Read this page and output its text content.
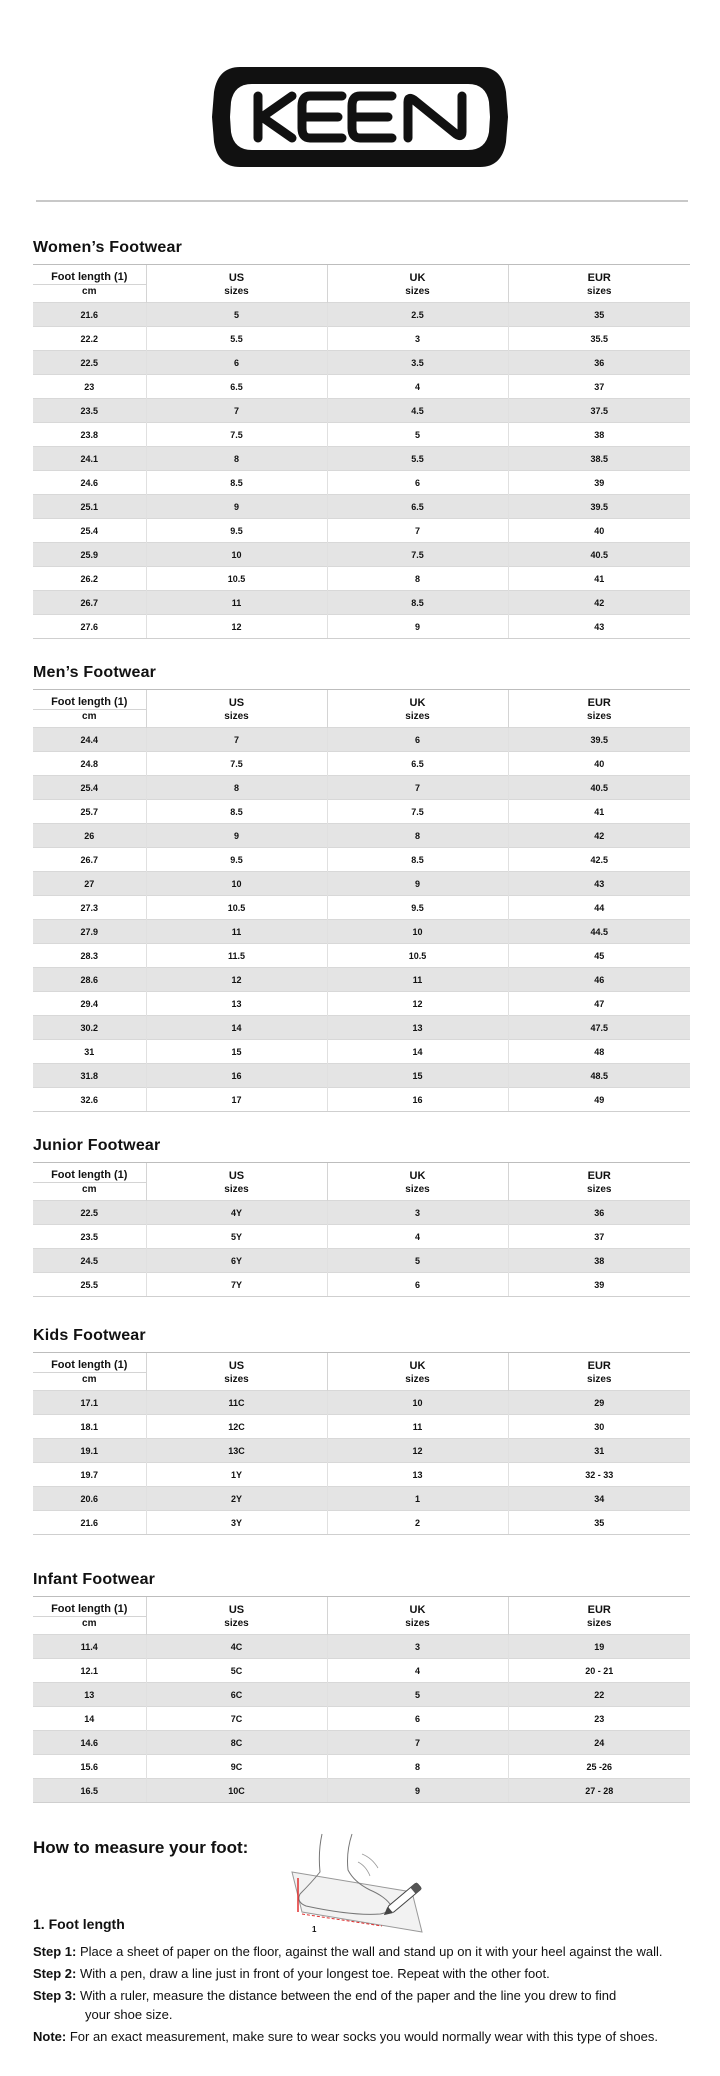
KEEN
Women’s Footwear
Foot length (1)	US	UK	EUR
cm	sizes	sizes	sizes
21.6	5	2.5	35
22.2	5.5	3	35.5
22.5	6	3.5	36
23	6.5	4	37
23.5	7	4.5	37.5
23.8	7.5	5	38
24.1	8	5.5	38.5
24.6	8.5	6	39
25.1	9	6.5	39.5
25.4	9.5	7	40
25.9	10	7.5	40.5
26.2	10.5	8	41
26.7	11	8.5	42
27.6	12	9	43
Men’s Footwear
Foot length (1)	US	UK	EUR
cm	sizes	sizes	sizes
24.4	7	6	39.5
24.8	7.5	6.5	40
25.4	8	7	40.5
25.7	8.5	7.5	41
26	9	8	42
26.7	9.5	8.5	42.5
27	10	9	43
27.3	10.5	9.5	44
27.9	11	10	44.5
28.3	11.5	10.5	45
28.6	12	11	46
29.4	13	12	47
30.2	14	13	47.5
31	15	14	48
31.8	16	15	48.5
32.6	17	16	49
Junior Footwear
Foot length (1)	US	UK	EUR
cm	sizes	sizes	sizes
22.5	4Y	3	36
23.5	5Y	4	37
24.5	6Y	5	38
25.5	7Y	6	39
Kids Footwear
Foot length (1)	US	UK	EUR
cm	sizes	sizes	sizes
17.1	11C	10	29
18.1	12C	11	30
19.1	13C	12	31
19.7	1Y	13	32 - 33
20.6	2Y	1	34
21.6	3Y	2	35
Infant Footwear
Foot length (1)	US	UK	EUR
cm	sizes	sizes	sizes
11.4	4C	3	19
12.1	5C	4	20 - 21
13	6C	5	22
14	7C	6	23
14.6	8C	7	24
15.6	9C	8	25 -26
16.5	10C	9	27 - 28
How to measure your foot:
1
1. Foot length

Step 1: Place a sheet of paper on the floor, against the wall and stand up on it with your heel against the wall.

Step 2: With a pen, draw a line just in front of your longest toe. Repeat with the other foot.

Step 3: With a ruler, measure the distance between the end of the paper and the line you drew to find

your shoe size.

Note: For an exact measurement, make sure to wear socks you would normally wear with this type of shoes.
